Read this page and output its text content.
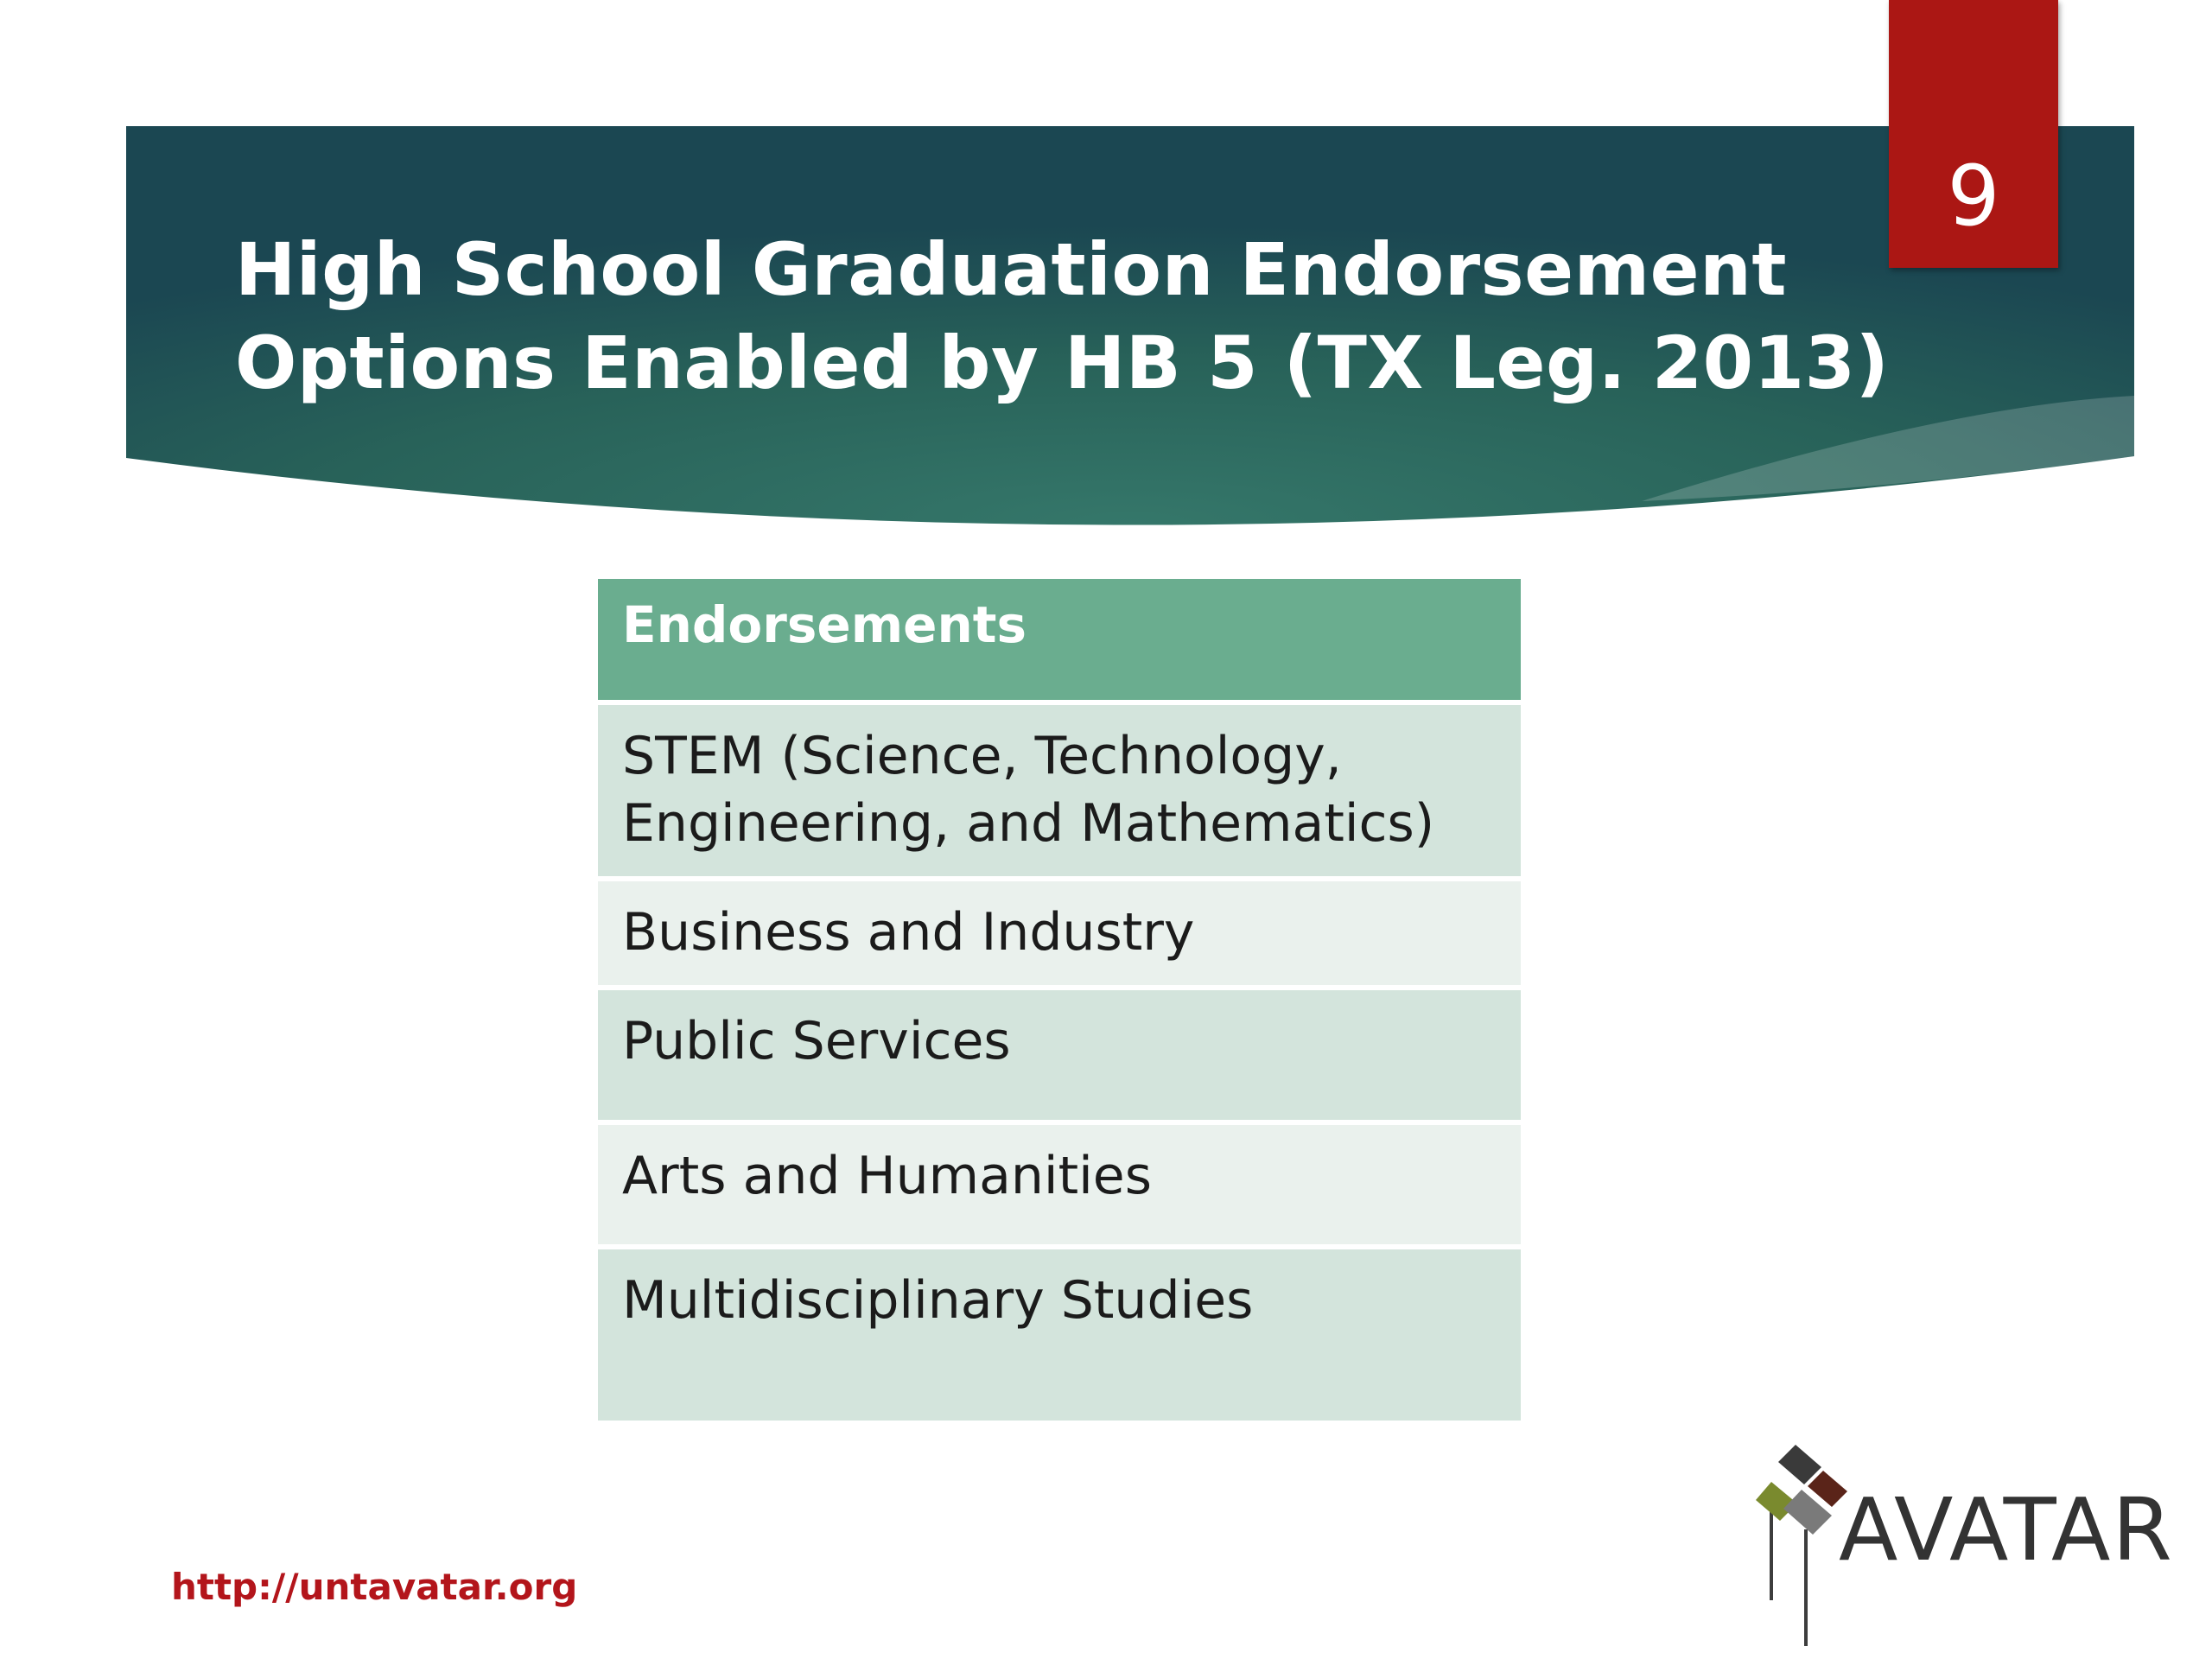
High School Graduation Endorsement
Options Enabled by HB 5 (TX Leg. 2013)
9
Endorsements
STEM (Science, Technology,
Engineering, and Mathematics)
Business and Industry
Public Services
Arts and Humanities
Multidisciplinary Studies
http://untavatar.org
AVATAR
